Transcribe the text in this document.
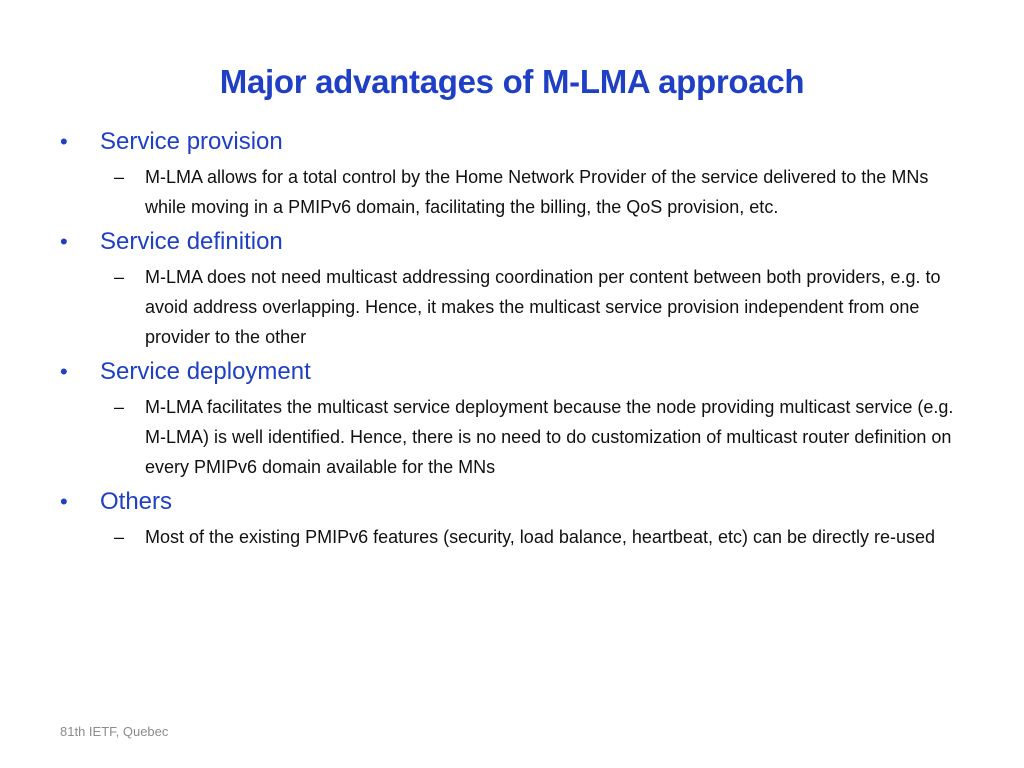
Major advantages of M-LMA approach
•	Service provision
–	M-LMA allows for a total control by the Home Network Provider of the service delivered to the MNs while moving in a PMIPv6 domain, facilitating the billing, the QoS provision, etc.
•	Service definition
–	M-LMA does not need multicast addressing coordination per content between both providers, e.g. to avoid address overlapping. Hence, it makes the multicast service provision independent from one provider to the other
•	Service deployment
–	M-LMA facilitates the multicast service deployment because the node providing multicast service (e.g. M-LMA) is well identified. Hence, there is no need to do customization of multicast router definition on every PMIPv6 domain available for the MNs
•	Others
–	Most of the existing PMIPv6 features (security, load balance, heartbeat, etc) can be directly re-used
81th IETF, Quebec
